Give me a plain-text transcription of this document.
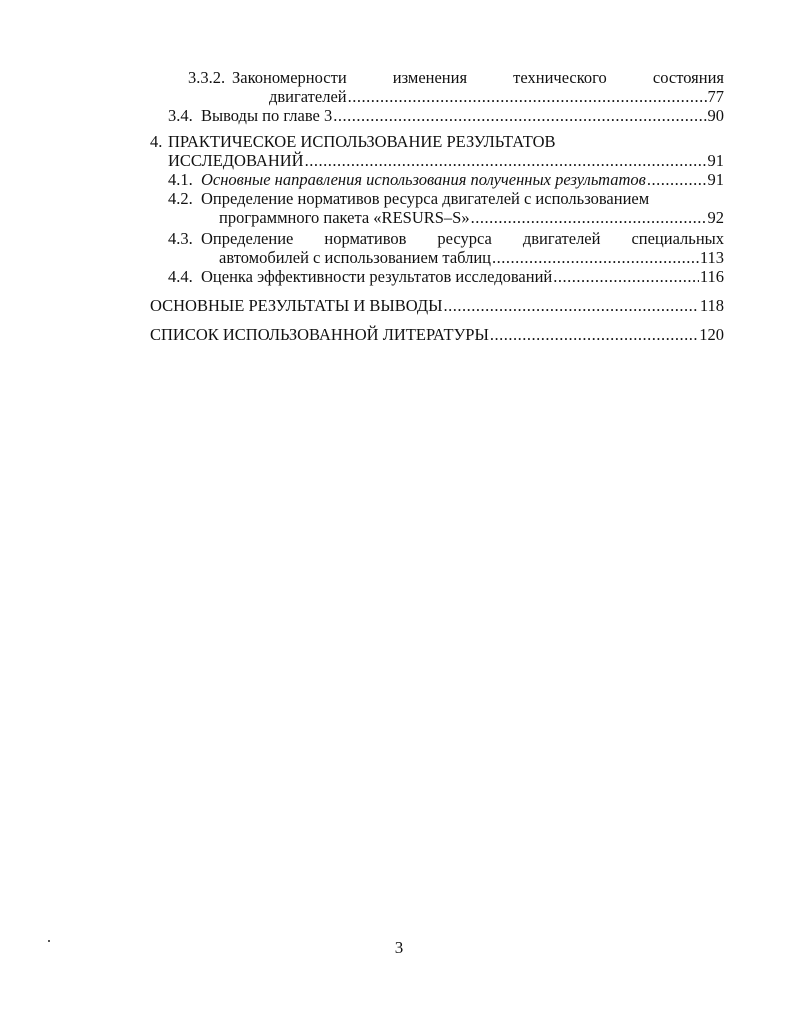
3.3.2. Закономерности	изменения	технического	состояния
двигателей .....	77
3.4. Выводы по главе 3 .....	90
4. ПРАКТИЧЕСКОЕ ИСПОЛЬЗОВАНИЕ РЕЗУЛЬТАТОВ
ИССЛЕДОВАНИЙ .....	91
4.1. Основные направления использования полученных результатов .....	91
4.2. Определение нормативов ресурса двигателей с использованием
программного пакета «RESURS–S» .....	92
4.3. Определение нормативов ресурса двигателей специальных
автомобилей с использованием таблиц .....	113
4.4. Оценка эффективности результатов исследований .....	116
ОСНОВНЫЕ РЕЗУЛЬТАТЫ И ВЫВОДЫ .....	118
СПИСОК ИСПОЛЬЗОВАННОЙ ЛИТЕРАТУРЫ .....	120
3
